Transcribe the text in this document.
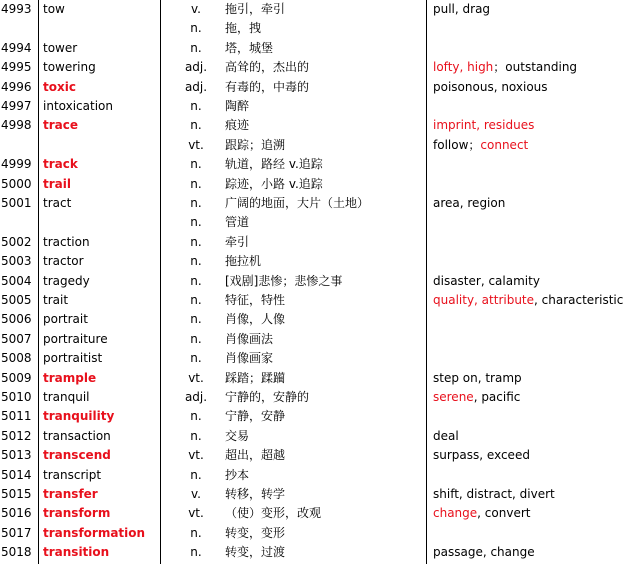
4993 tow	v.	拖引，牵引	pull, drag
n.	拖，拽
4994 tower	n.	塔，城堡
4995 towering	adj.	高耸的，杰出的	lofty, high；outstanding
4996 toxic	adj.	有毒的，中毒的	poisonous, noxious
4997 intoxication	n.	陶醉
4998 trace	n.	痕迹	imprint, residues
vt.	跟踪；追溯	follow；connect
4999 track	n.	轨道，路经 v.追踪
5000 trail	n.	踪迹，小路 v.追踪
5001 tract	n.	广阔的地面，大片（土地）	area, region
n.	管道
5002 traction	n.	牵引
5003 tractor	n.	拖拉机
5004 tragedy	n.	[戏剧]悲惨；悲惨之事	disaster, calamity
5005 trait	n.	特征，特性	quality, attribute, characteristic
5006 portrait	n.	肖像，人像
5007 portraiture	n.	肖像画法
5008 portraitist	n.	肖像画家
5009 trample	vt.	踩踏；蹂躏	step on, tramp
5010 tranquil	adj.	宁静的，安静的	serene, pacific
5011 tranquility	n.	宁静，安静
5012 transaction	n.	交易	deal
5013 transcend	vt.	超出，超越	surpass, exceed
5014 transcript	n.	抄本
5015 transfer	v.	转移，转学	shift, distract, divert
5016 transform	vt.	（使）变形，改观	change, convert
5017 transformation	n.	转变，变形
5018 transition	n.	转变，过渡	passage, change
